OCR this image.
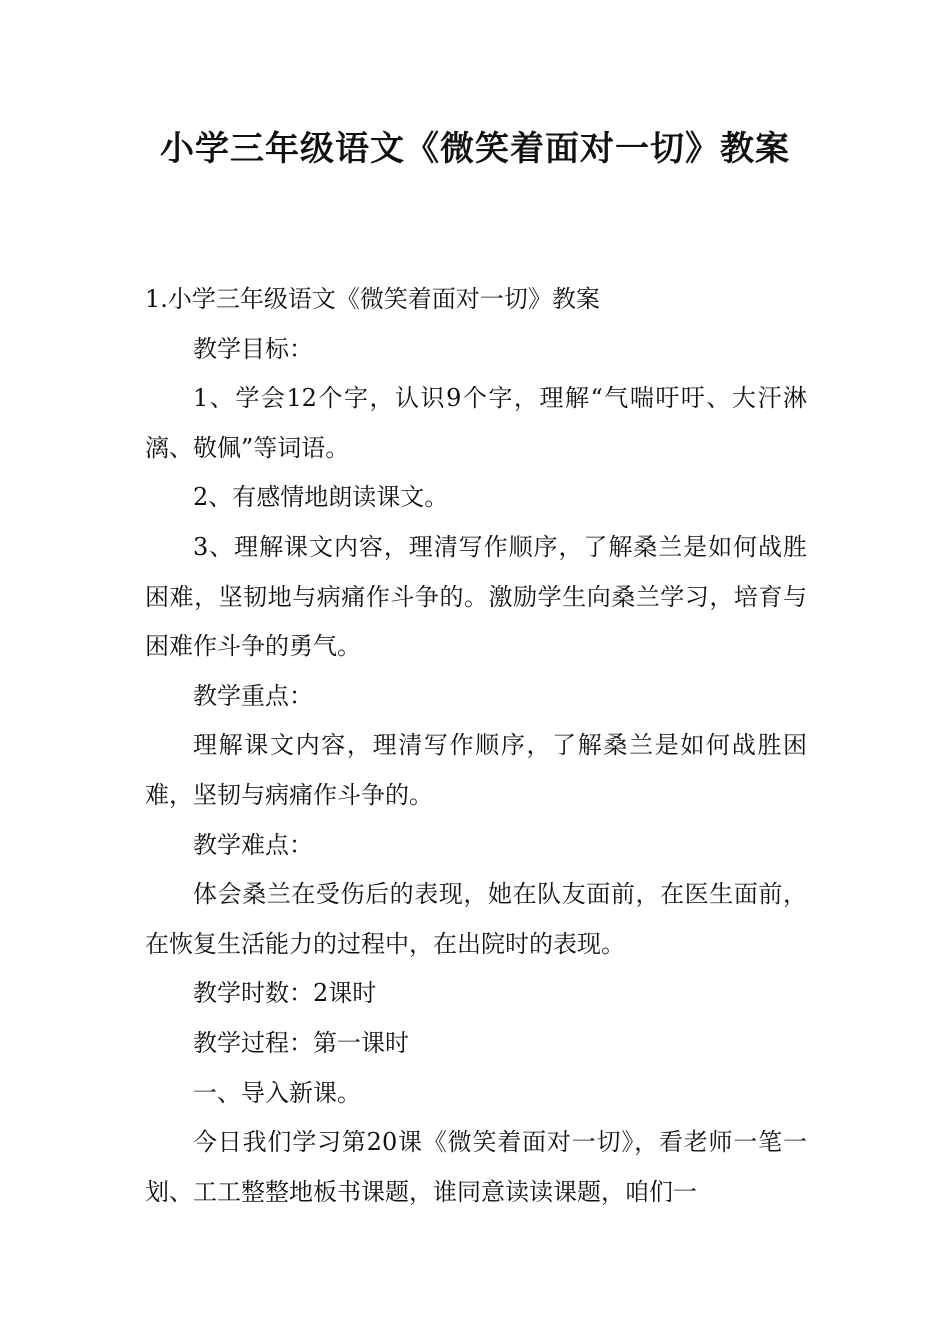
小学三年级语文《微笑着面对一切》教案

1.小学三年级语文《微笑着面对一切》教案

教学目标：

1、学会12个字，认识9个字，理解“气喘吁吁、大汗淋漓、敬佩”等词语。

2、有感情地朗读课文。

3、理解课文内容，理清写作顺序，了解桑兰是如何战胜困难，坚韧地与病痛作斗争的。激励学生向桑兰学习，培育与困难作斗争的勇气。

教学重点：

理解课文内容，理清写作顺序，了解桑兰是如何战胜困难，坚韧与病痛作斗争的。

教学难点：

体会桑兰在受伤后的表现，她在队友面前，在医生面前，在恢复生活能力的过程中，在出院时的表现。

教学时数：2课时

教学过程：第一课时

一、导入新课。

今日我们学习第20课《微笑着面对一切》，看老师一笔一划、工工整整地板书课题，谁同意读读课题，咱们一
